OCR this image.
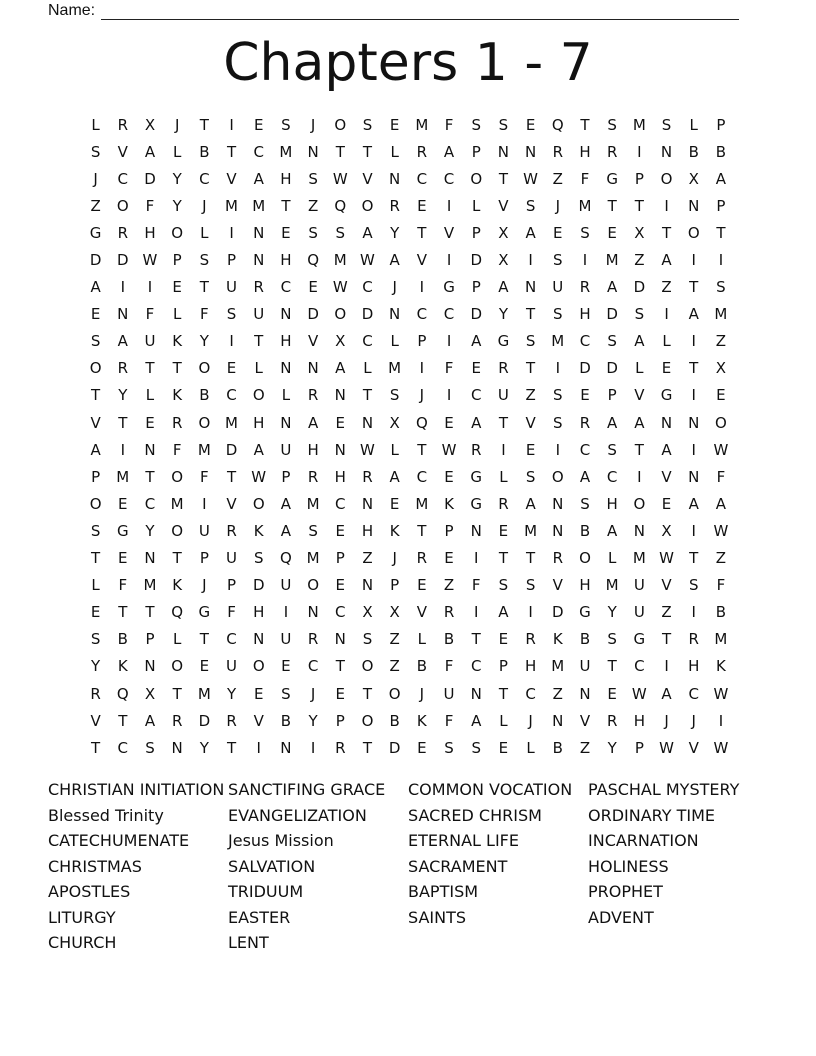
Name:
Chapters 1 - 7
L	R	X	J	T	I	E	S	J	O	S	E	M	F	S	S	E	Q	T	S	M	S	L	P
S	V	A	L	B	T	C	M	N	T	T	L	R	A	P	N	N	R	H	R	I	N	B	B
J	C	D	Y	C	V	A	H	S	W V	N	C	C	O	T	W Z	F	G	P	O	X	A
Z	O	F	Y	J	M M	T	Z	Q	O	R	E	I	L	V	S	J	M	T	T	I	N	P
G	R	H	O	L	I	N	E	S	S	A	Y	T	V	P	X	A	E	S	E	X	T	O	T
D	D W	P	S	P	N	H	Q M W A	V	I	D	X	I	S	I	M	Z	A	I	I
A	I	I	E	T	U	R	C	E	W C	J	I	G	P	A	N	U	R	A	D	Z	T	S
E	N	F	L	F	S	U	N	D	O	D	N	C	C	D	Y	T	S	H	D	S	I	A	M
S	A	U	K	Y	I	T	H	V	X	C	L	P	I	A	G	S	M	C	S	A	L	I	Z
O	R	T	T	O	E	L	N	N	A	L	M	I	F	E	R	T	I	D	D	L	E	T	X
T	Y	L	K	B	C	O	L	R	N	T	S	J	I	C	U	Z	S	E	P	V	G	I	E
V	T	E	R	O M	H	N	A	E	N	X	Q	E	A	T	V	S	R	A	A	N	N	O
A	I	N	F	M D	A	U	H	N W	L	T	W R	I	E	I	C	S	T	A	I	W
P	M	T	O	F	T	W	P	R	H	R	A	C	E	G	L	S	O	A	C	I	V	N	F
O	E	C	M	I	V	O	A	M	C	N	E	M	K	G	R	A	N	S	H	O	E	A	A
S	G	Y	O	U	R	K	A	S	E	H	K	T	P	N	E	M	N	B	A	N	X	I	W
T	E	N	T	P	U	S	Q M	P	Z	J	R	E	I	T	T	R	O	L	M W	T	Z
L	F	M	K	J	P	D	U	O	E	N	P	E	Z	F	S	S	V	H	M	U	V	S	F
E	T	T	Q	G	F	H	I	N	C	X	X	V	R	I	A	I	D	G	Y	U	Z	I	B
S	B	P	L	T	C	N	U	R	N	S	Z	L	B	T	E	R	K	B	S	G	T	R	M
Y	K	N	O	E	U	O	E	C	T	O	Z	B	F	C	P	H	M	U	T	C	I	H	K
R	Q	X	T	M	Y	E	S	J	E	T	O	J	U	N	T	C	Z	N	E	W A	C W
V	T	A	R	D	R	V	B	Y	P	O	B	K	F	A	L	J	N	V	R	H	J	J	I
T	C	S	N	Y	T	I	N	I	R	T	D	E	S	S	E	L	B	Z	Y	P	W V W
CHRISTIAN INITIATION
Blessed Trinity
CATECHUMENATE
CHRISTMAS
APOSTLES
LITURGY
CHURCH
SANCTIFING GRACE
EVANGELIZATION
Jesus Mission
SALVATION
TRIDUUM
EASTER
LENT
COMMON VOCATION
SACRED CHRISM
ETERNAL LIFE
SACRAMENT
BAPTISM
SAINTS
PASCHAL MYSTERY
ORDINARY TIME
INCARNATION
HOLINESS
PROPHET
ADVENT
